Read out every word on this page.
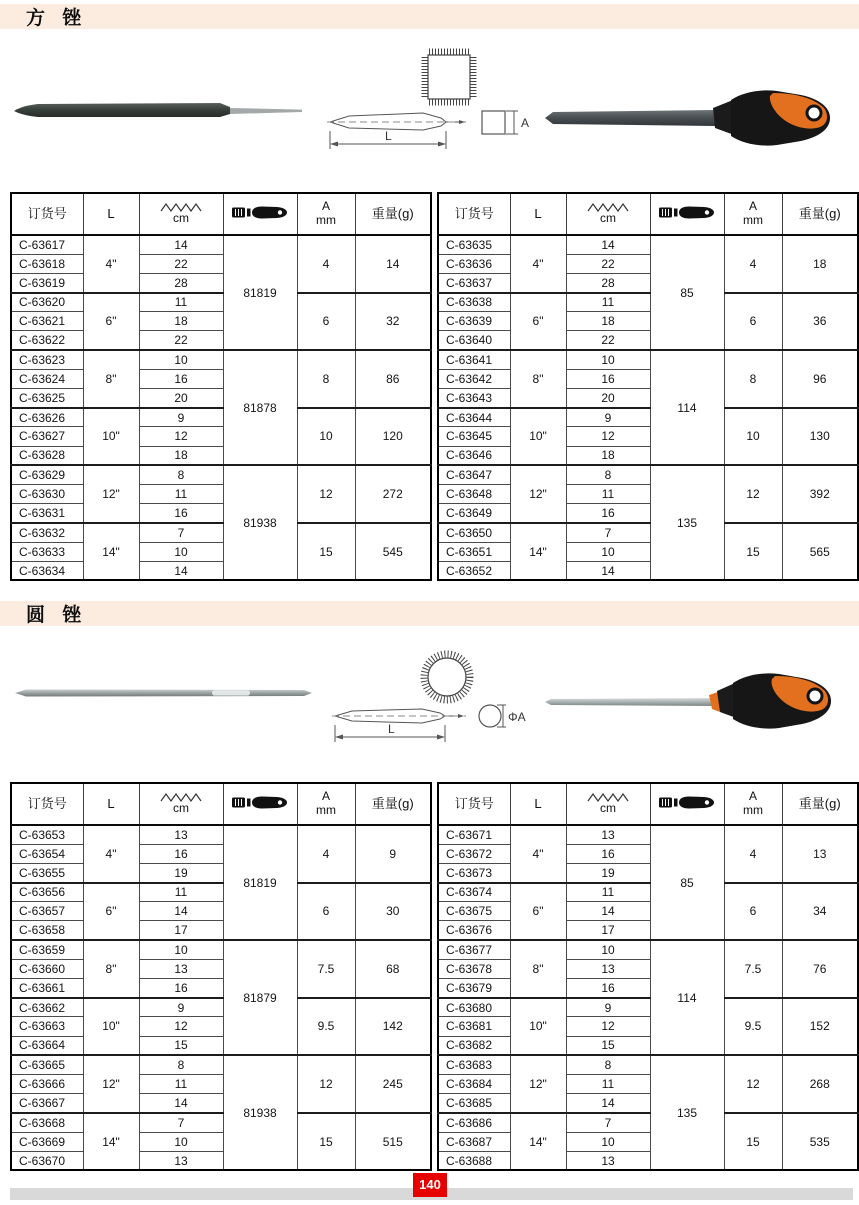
方 锉
L
A
订货号	L	cm		A
mm	重量(g)
C-63617	4"	14	81819	4	14
C-63618		22			
C-63619		28			
C-63620	6"	11		6	32
C-63621		18			
C-63622		22			
C-63623	8"	10	81878	8	86
C-63624		16			
C-63625		20			
C-63626	10"	9		10	120
C-63627		12			
C-63628		18			
C-63629	12"	8	81938	12	272
C-63630		11			
C-63631		16			
C-63632	14"	7		15	545
C-63633		10			
C-63634		14			
订货号	L	cm		A
mm	重量(g)
C-63635	4"	14	85	4	18
C-63636		22			
C-63637		28			
C-63638	6"	11		6	36
C-63639		18			
C-63640		22			
C-63641	8"	10	114	8	96
C-63642		16			
C-63643		20			
C-63644	10"	9		10	130
C-63645		12			
C-63646		18			
C-63647	12"	8	135	12	392
C-63648		11			
C-63649		16			
C-63650	14"	7		15	565
C-63651		10			
C-63652		14			
圆 锉
L
ΦA
订货号	L	cm		A
mm	重量(g)
C-63653	4"	13	81819	4	9
C-63654		16			
C-63655		19			
C-63656	6"	11		6	30
C-63657		14			
C-63658		17			
C-63659	8"	10	81879	7.5	68
C-63660		13			
C-63661		16			
C-63662	10"	9		9.5	142
C-63663		12			
C-63664		15			
C-63665	12"	8	81938	12	245
C-63666		11			
C-63667		14			
C-63668	14"	7		15	515
C-63669		10			
C-63670		13			
订货号	L	cm		A
mm	重量(g)
C-63671	4"	13	85	4	13
C-63672		16			
C-63673		19			
C-63674	6"	11		6	34
C-63675		14			
C-63676		17			
C-63677	8"	10	114	7.5	76
C-63678		13			
C-63679		16			
C-63680	10"	9		9.5	152
C-63681		12			
C-63682		15			
C-63683	12"	8	135	12	268
C-63684		11			
C-63685		14			
C-63686	14"	7		15	535
C-63687		10			
C-63688		13			
140
